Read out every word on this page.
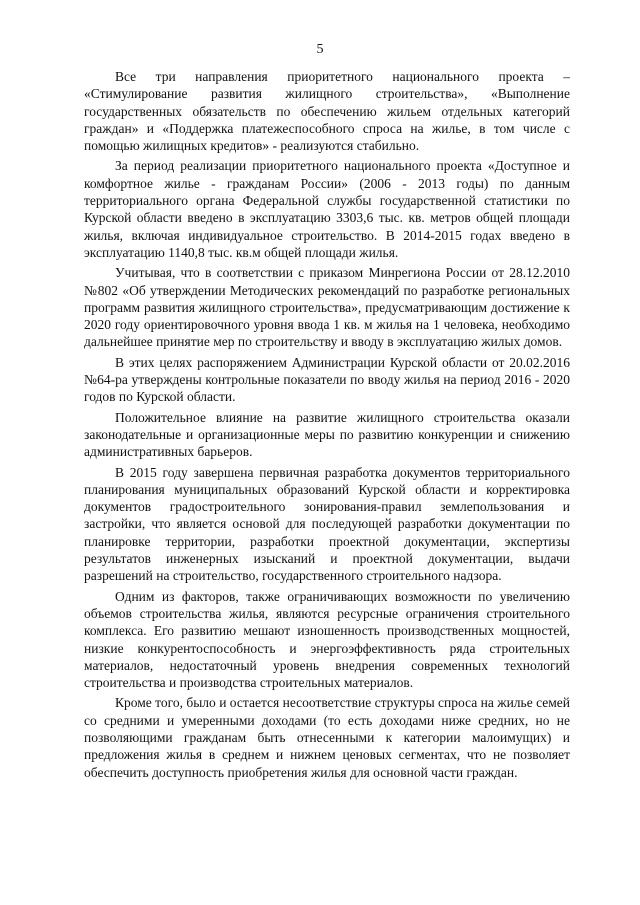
5

Все три направления приоритетного национального проекта – «Стимулирование развития жилищного строительства», «Выполнение государственных обязательств по обеспечению жильем отдельных категорий граждан» и «Поддержка платежеспособного спроса на жилье, в том числе с помощью жилищных кредитов» - реализуются стабильно.

За период реализации приоритетного национального проекта «Доступное и комфортное жилье - гражданам России» (2006 - 2013 годы) по данным территориального органа Федеральной службы государственной статистики по Курской области введено в эксплуатацию 3303,6 тыс. кв. метров общей площади жилья, включая индивидуальное строительство. В 2014-2015 годах введено в эксплуатацию 1140,8 тыс. кв.м общей площади жилья.

Учитывая, что в соответствии с приказом Минрегиона России от 28.12.2010 №802 «Об утверждении Методических рекомендаций по разработке региональных программ развития жилищного строительства», предусматривающим достижение к 2020 году ориентировочного уровня ввода 1 кв. м жилья на 1 человека, необходимо дальнейшее принятие мер по строительству и вводу в эксплуатацию жилых домов.

В этих целях распоряжением Администрации Курской области от 20.02.2016 №64-ра утверждены контрольные показатели по вводу жилья на период 2016 - 2020 годов по Курской области.

Положительное влияние на развитие жилищного строительства оказали законодательные и организационные меры по развитию конкуренции и снижению административных барьеров.

В 2015 году завершена первичная разработка документов территориального планирования муниципальных образований Курской области и корректировка документов градостроительного зонирования-правил землепользования и застройки, что является основой для последующей разработки документации по планировке территории, разработки проектной документации, экспертизы результатов инженерных изысканий и проектной документации, выдачи разрешений на строительство, государственного строительного надзора.

Одним из факторов, также ограничивающих возможности по увеличению объемов строительства жилья, являются ресурсные ограничения строительного комплекса. Его развитию мешают изношенность производственных мощностей, низкие конкурентоспособность и энергоэффективность ряда строительных материалов, недостаточный уровень внедрения современных технологий строительства и производства строительных материалов.

Кроме того, было и остается несоответствие структуры спроса на жилье семей со средними и умеренными доходами (то есть доходами ниже средних, но не позволяющими гражданам быть отнесенными к категории малоимущих) и предложения жилья в среднем и нижнем ценовых сегментах, что не позволяет обеспечить доступность приобретения жилья для основной части граждан.
